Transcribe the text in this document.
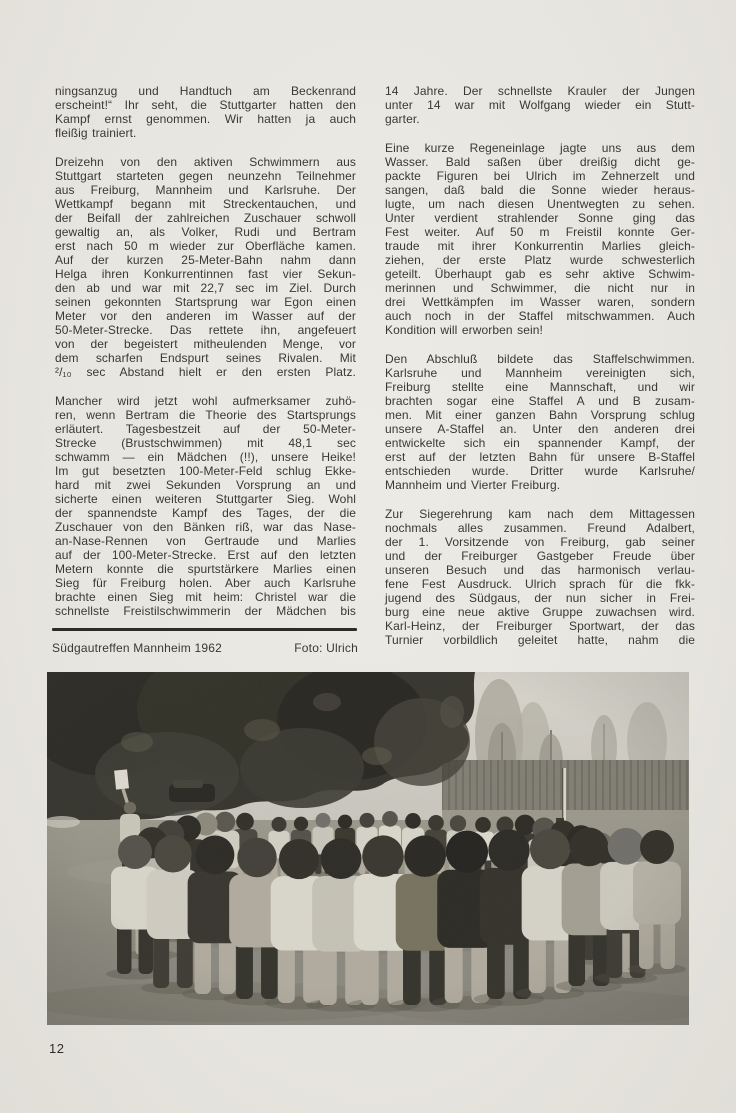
ningsanzug und Handtuch am Beckenrand
erscheint!“ Ihr seht, die Stuttgarter hatten den
Kampf ernst genommen. Wir hatten ja auch
fleißig trainiert.
Dreizehn von den aktiven Schwimmern aus
Stuttgart starteten gegen neunzehn Teilnehmer
aus Freiburg, Mannheim und Karlsruhe. Der
Wettkampf begann mit Streckentauchen, und
der Beifall der zahlreichen Zuschauer schwoll
gewaltig an, als Volker, Rudi und Bertram
erst nach 50 m wieder zur Oberfläche kamen.
Auf der kurzen 25-Meter-Bahn nahm dann
Helga ihren Konkurrentinnen fast vier Sekun-
den ab und war mit 22,7 sec im Ziel. Durch
seinen gekonnten Startsprung war Egon einen
Meter vor den anderen im Wasser auf der
50-Meter-Strecke. Das rettete ihn, angefeuert
von der begeistert mitheulenden Menge, vor
dem scharfen Endspurt seines Rivalen. Mit
²/₁₀ sec Abstand hielt er den ersten Platz.
Mancher wird jetzt wohl aufmerksamer zuhö-
ren, wenn Bertram die Theorie des Startsprungs
erläutert. Tagesbestzeit auf der 50-Meter-
Strecke (Brustschwimmen) mit 48,1 sec
schwamm — ein Mädchen (!!), unsere Heike!
Im gut besetzten 100-Meter-Feld schlug Ekke-
hard mit zwei Sekunden Vorsprung an und
sicherte einen weiteren Stuttgarter Sieg. Wohl
der spannendste Kampf des Tages, der die
Zuschauer von den Bänken riß, war das Nase-
an-Nase-Rennen von Gertraude und Marlies
auf der 100-Meter-Strecke. Erst auf den letzten
Metern konnte die spurtstärkere Marlies einen
Sieg für Freiburg holen. Aber auch Karlsruhe
brachte einen Sieg mit heim: Christel war die
schnellste Freistilschwimmerin der Mädchen bis
14 Jahre. Der schnellste Krauler der Jungen
unter 14 war mit Wolfgang wieder ein Stutt-
garter.
Eine kurze Regeneinlage jagte uns aus dem
Wasser. Bald saßen über dreißig dicht ge-
packte Figuren bei Ulrich im Zehnerzelt und
sangen, daß bald die Sonne wieder heraus-
lugte, um nach diesen Unentwegten zu sehen.
Unter verdient strahlender Sonne ging das
Fest weiter. Auf 50 m Freistil konnte Ger-
traude mit ihrer Konkurrentin Marlies gleich-
ziehen, der erste Platz wurde schwesterlich
geteilt. Überhaupt gab es sehr aktive Schwim-
merinnen und Schwimmer, die nicht nur in
drei Wettkämpfen im Wasser waren, sondern
auch noch in der Staffel mitschwammen. Auch
Kondition will erworben sein!
Den Abschluß bildete das Staffelschwimmen.
Karlsruhe und Mannheim vereinigten sich,
Freiburg stellte eine Mannschaft, und wir
brachten sogar eine Staffel A und B zusam-
men. Mit einer ganzen Bahn Vorsprung schlug
unsere A-Staffel an. Unter den anderen drei
entwickelte sich ein spannender Kampf, der
erst auf der letzten Bahn für unsere B-Staffel
entschieden wurde. Dritter wurde Karlsruhe/
Mannheim und Vierter Freiburg.
Zur Siegerehrung kam nach dem Mittagessen
nochmals alles zusammen. Freund Adalbert,
der 1. Vorsitzende von Freiburg, gab seiner
und der Freiburger Gastgeber Freude über
unseren Besuch und das harmonisch verlau-
fene Fest Ausdruck. Ulrich sprach für die fkk-
jugend des Südgaus, der nun sicher in Frei-
burg eine neue aktive Gruppe zuwachsen wird.
Karl-Heinz, der Freiburger Sportwart, der das
Turnier vorbildlich geleitet hatte, nahm die
Südgautreffen Mannheim 1962	Foto: Ulrich
12
